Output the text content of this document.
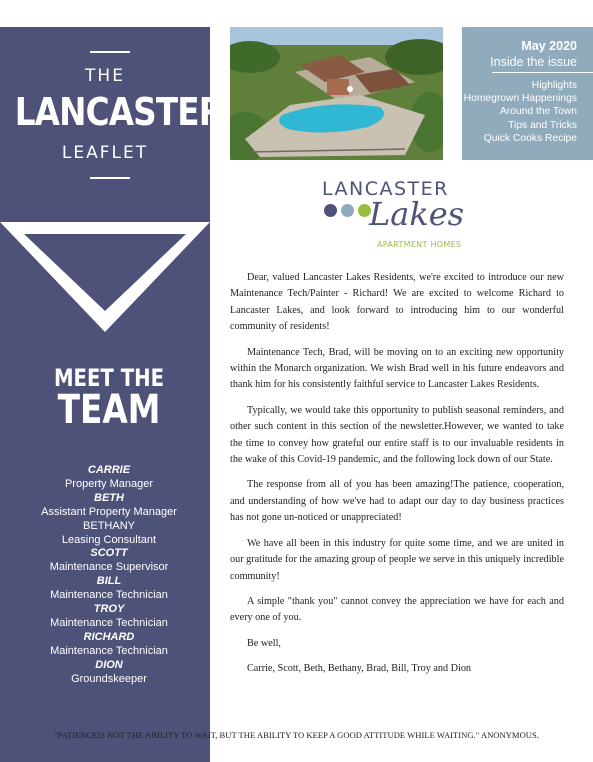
THE
LANCASTER
LEAFLET
MEET THE
TEAM
CARRIE
Property Manager
BETH
Assistant Property Manager
BETHANY
Leasing Consultant
SCOTT
Maintenance Supervisor
BILL
Maintenance Technician
TROY
Maintenance Technician
RICHARD
Maintenance Technician
DION
Groundskeeper
May 2020
Inside the issue
Highlights
Homegrown Happenings
Around the Town
Tips and Tricks
Quick Cooks Recipe
LANCASTER
Lakes
APARTMENT HOMES

Dear, valued Lancaster Lakes Residents, we're excited to introduce our new Maintenance Tech/Painter - Richard! We are excited to welcome Richard to Lancaster Lakes, and look forward to introducing him to our wonderful community of residents!

Maintenance Tech, Brad, will be moving on to an exciting new opportunity within the Monarch organization. We wish Brad well in his future endeavors and thank him for his consistently faithful service to Lancaster Lakes Residents.

Typically, we would take this opportunity to publish seasonal reminders, and other such content in this section of the newsletter.However, we wanted to take the time to convey how grateful our entire staff is to our invaluable residents in the wake of this Covid-19 pandemic, and the following lock down of our State.

The response from all of you has been amazing!The patience, cooperation, and understanding of how we've had to adapt our day to day business practices has not gone un-noticed or unappreciated!

We have all been in this industry for quite some time, and we are united in our gratitude for the amazing group of people we serve in this uniquely incredible community!

A simple "thank you" cannot convey the appreciation we have for each and every one of you.

Be well,

Carrie, Scott, Beth, Bethany, Brad, Bill, Troy and Dion

"PATIENCEIS NOT THE ABILITY TO WAIT, BUT THE ABILITY TO KEEP A GOOD ATTITUDE WHILE WAITING." ANONYMOUS.
